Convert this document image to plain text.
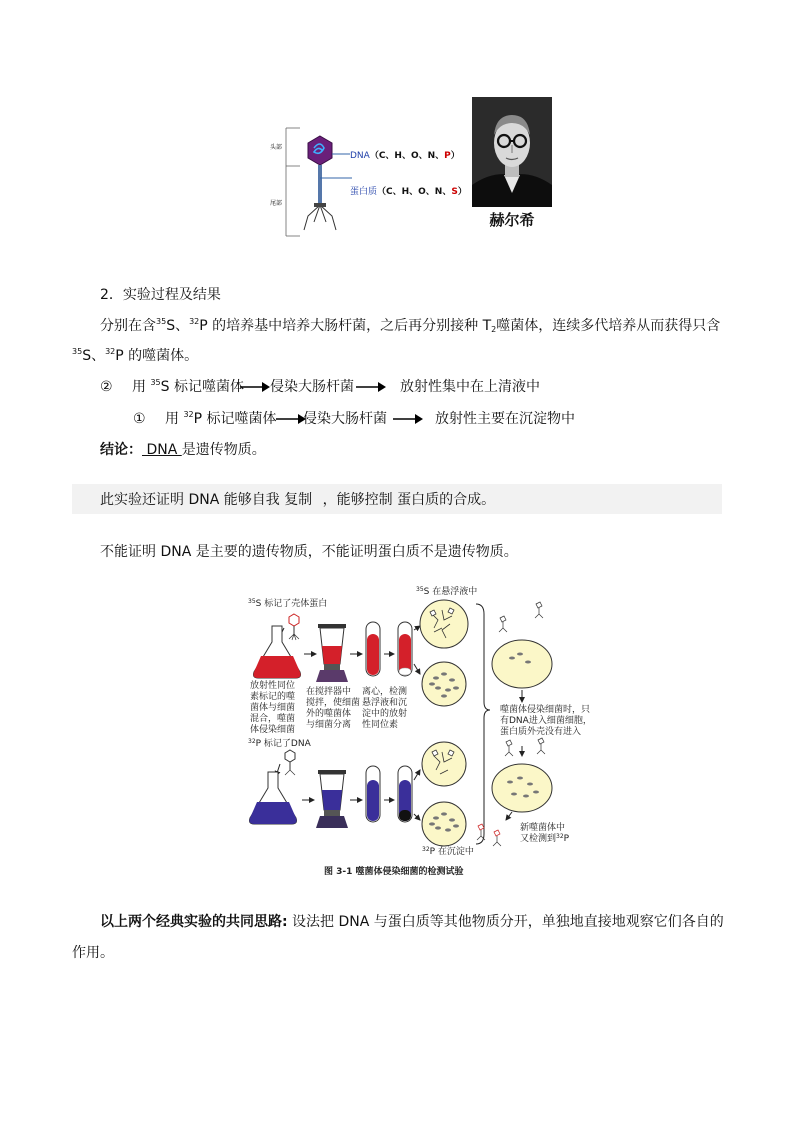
头部
尾部
DNA（C、H、O、N、P）
蛋白质（C、H、O、N、S）
赫尔希
2．实验过程及结果
分别在含$^{35}$S、$^{32}$P 的培养基中培养大肠杆菌，之后再分别接种 $T_2$噬菌体，连续多代培养从而获得只含
$^{35}$S、$^{32}$P 的噬菌体。
② 用 $^{35}$S 标记噬菌体 侵染大肠杆菌	放射性集中在上清液中
① 用 $^{32}$P 标记噬菌体 侵染大肠杆菌	放射性主要在沉淀物中
结论： DNA 是遗传物质。
此实验还证明 DNA 能够自我 复制 ，能够控制 蛋白质的合成。
不能证明 DNA 是主要的遗传物质，不能证明蛋白质不是遗传物质。
$^{35}$S 标记了壳体蛋白
$^{35}$S 在悬浮液中
放射性同位 素标记的噬 菌体与细菌 混合，噬菌 体侵染细菌
在搅拌器中 搅拌，使细菌 外的噬菌体 与细菌分离
离心，检测 悬浮液和沉 淀中的放射 性同位素
$^{32}$P 标记了DNA
$^{32}$P 在沉淀中
噬菌体侵染细菌时，只 有DNA进入细菌细胞， 蛋白质外壳没有进入
新噬菌体中 又检测到$^{32}$P
图 3-1 噬菌体侵染细菌的检测试验
以上两个经典实验的共同思路: 设法把 DNA 与蛋白质等其他物质分开，单独地直接地观察它们各自的
作用。
